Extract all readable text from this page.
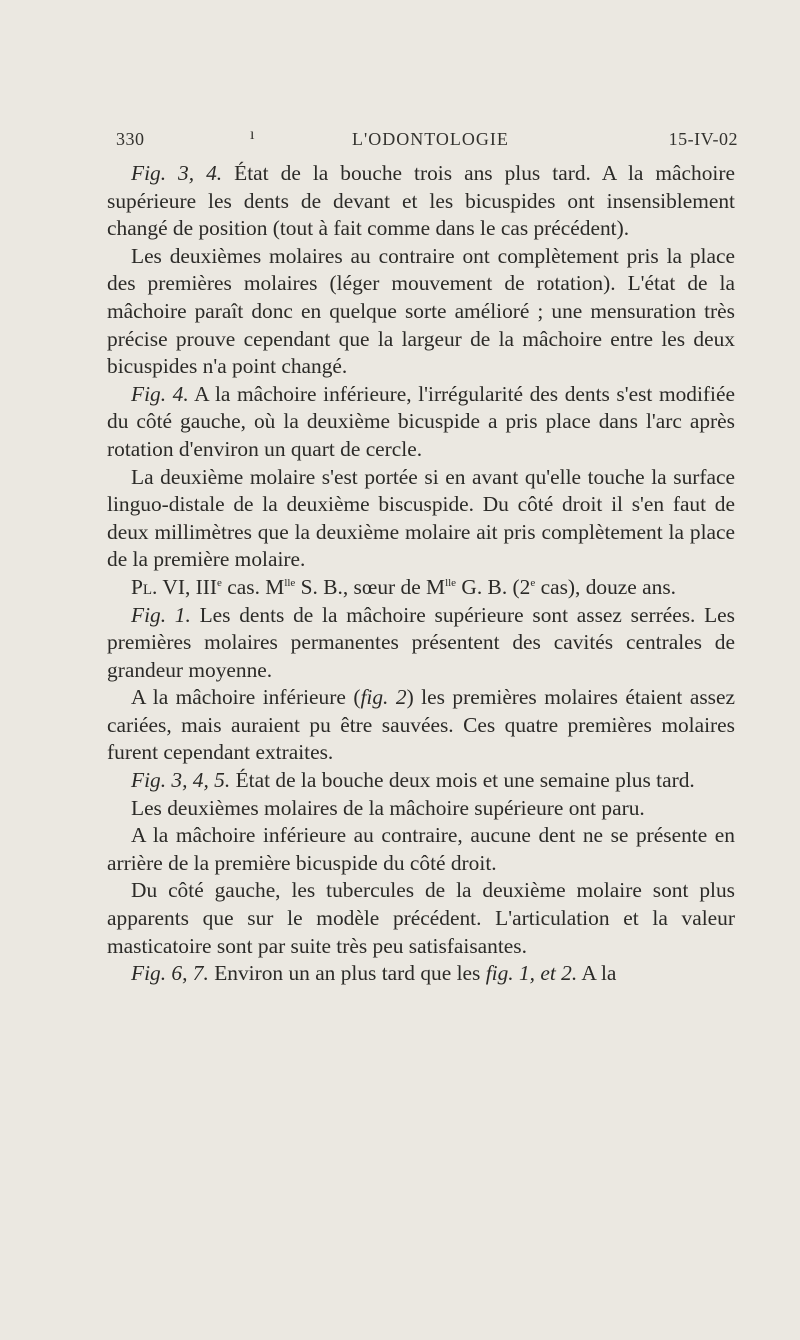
330	ı	L'ODONTOLOGIE	15-IV-02

Fig. 3, 4. État de la bouche trois ans plus tard. A la mâchoire supérieure les dents de devant et les bicuspides ont insensiblement changé de position (tout à fait comme dans le cas précédent).

Les deuxièmes molaires au contraire ont complètement pris la place des premières molaires (léger mouvement de rotation). L'état de la mâchoire paraît donc en quelque sorte amélioré ; une mensuration très précise prouve cependant que la largeur de la mâchoire entre les deux bicuspides n'a point changé.

Fig. 4. A la mâchoire inférieure, l'irrégularité des dents s'est modifiée du côté gauche, où la deuxième bicuspide a pris place dans l'arc après rotation d'environ un quart de cercle.

La deuxième molaire s'est portée si en avant qu'elle touche la surface linguo-distale de la deuxième biscuspide. Du côté droit il s'en faut de deux millimètres que la deuxième molaire ait pris complètement la place de la première molaire.

Pl. VI, IIIe cas. $M^{lle}$ S. B., sœur de $M^{lle}$ G. B. (2e cas), douze ans.

Fig. 1. Les dents de la mâchoire supérieure sont assez serrées. Les premières molaires permanentes présentent des cavités centrales de grandeur moyenne.

A la mâchoire inférieure (fig. 2) les premières molaires étaient assez cariées, mais auraient pu être sauvées. Ces quatre premières molaires furent cependant extraites.

Fig. 3, 4, 5. État de la bouche deux mois et une semaine plus tard.

Les deuxièmes molaires de la mâchoire supérieure ont paru.

A la mâchoire inférieure au contraire, aucune dent ne se présente en arrière de la première bicuspide du côté droit.

Du côté gauche, les tubercules de la deuxième molaire sont plus apparents que sur le modèle précédent. L'articulation et la valeur masticatoire sont par suite très peu satisfaisantes.

Fig. 6, 7. Environ un an plus tard que les fig. 1, et 2. A la
